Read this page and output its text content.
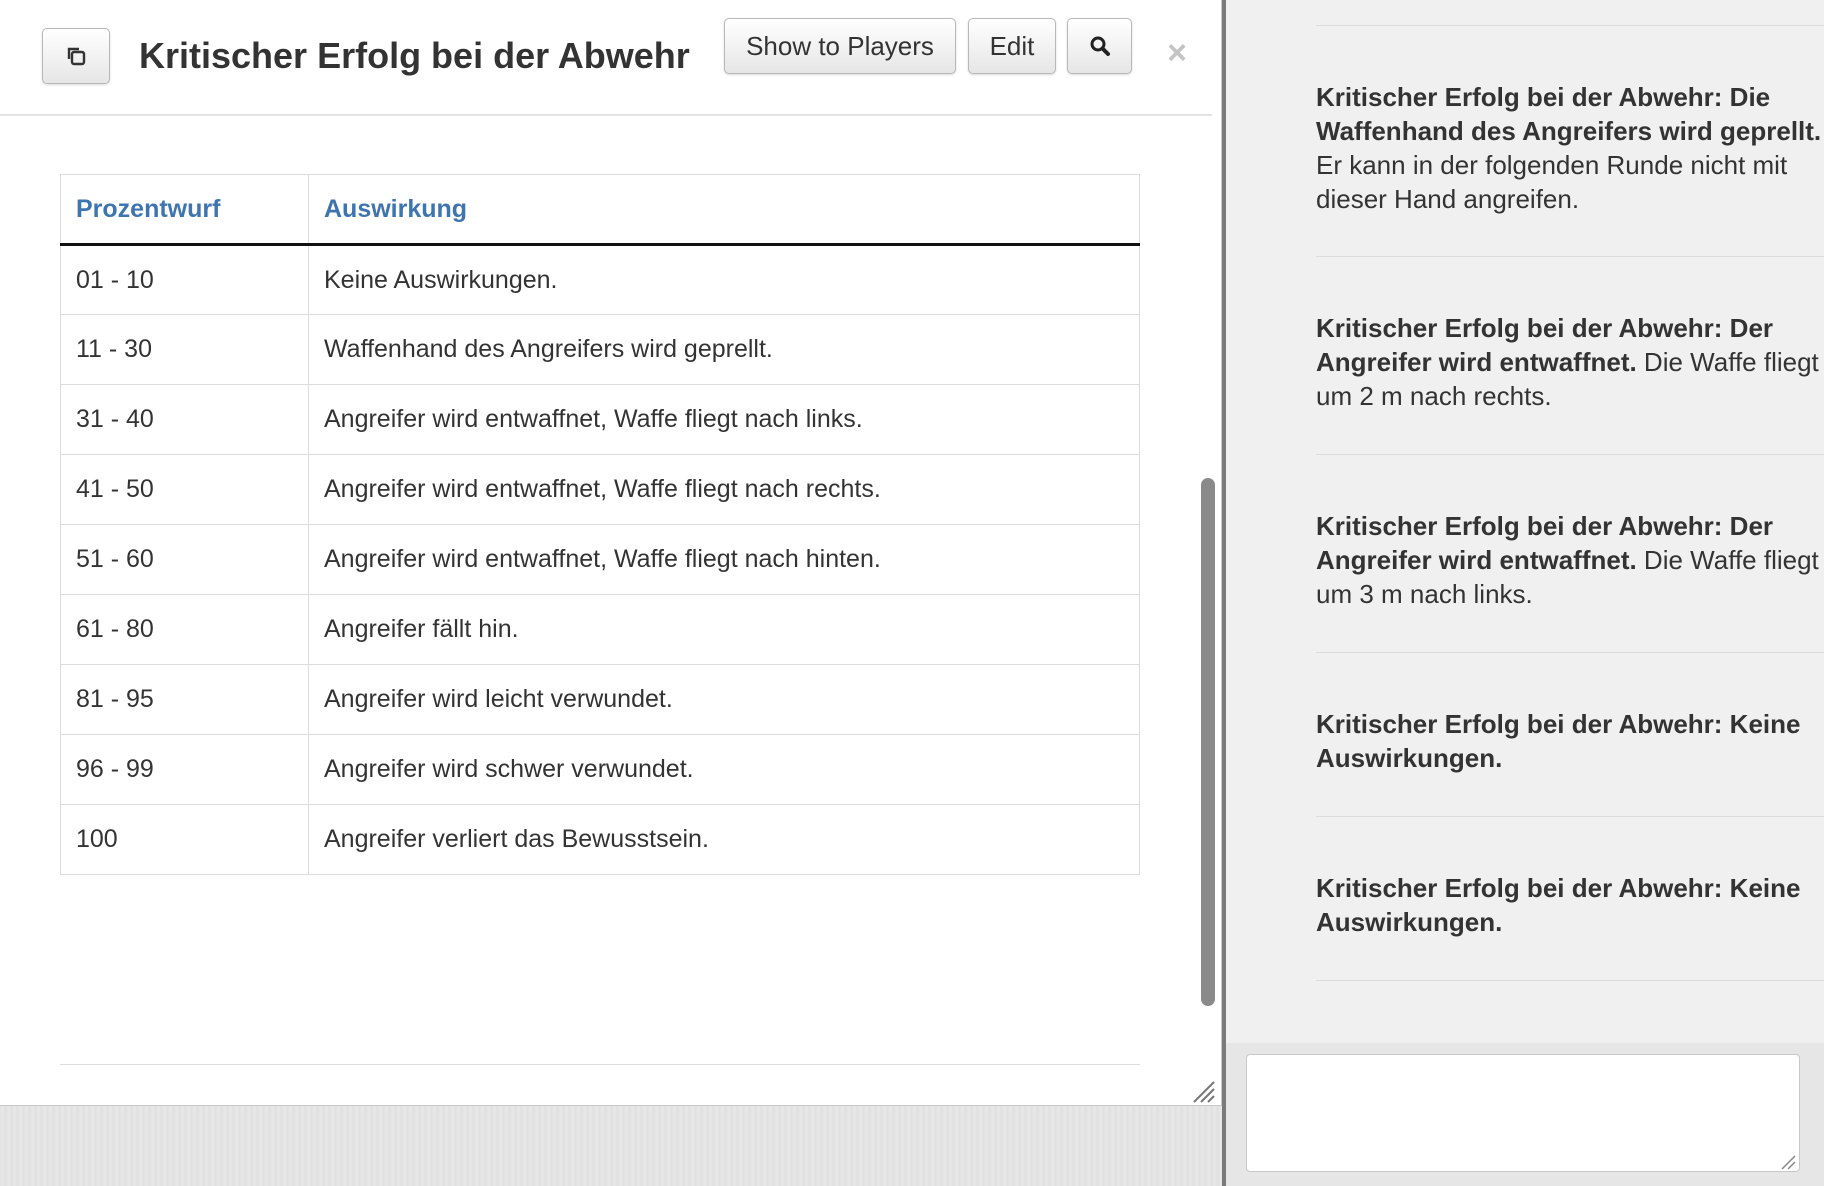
Kritischer Erfolg bei der Abwehr	Show to Players	Edit	×
Prozentwurf	Auswirkung
01 - 10	Keine Auswirkungen.
11 - 30	Waffenhand des Angreifers wird geprellt.
31 - 40	Angreifer wird entwaffnet, Waffe fliegt nach links.
41 - 50	Angreifer wird entwaffnet, Waffe fliegt nach rechts.
51 - 60	Angreifer wird entwaffnet, Waffe fliegt nach hinten.
61 - 80	Angreifer fällt hin.
81 - 95	Angreifer wird leicht verwundet.
96 - 99	Angreifer wird schwer verwundet.
100	Angreifer verliert das Bewusstsein.
Kritischer Erfolg bei der Abwehr: Die Waffenhand des Angreifers wird geprellt. Er kann in der folgenden Runde nicht mit dieser Hand angreifen.
Kritischer Erfolg bei der Abwehr: Der Angreifer wird entwaffnet. Die Waffe fliegt um 2 m nach rechts.
Kritischer Erfolg bei der Abwehr: Der Angreifer wird entwaffnet. Die Waffe fliegt um 3 m nach links.
Kritischer Erfolg bei der Abwehr: Keine Auswirkungen.
Kritischer Erfolg bei der Abwehr: Keine Auswirkungen.
